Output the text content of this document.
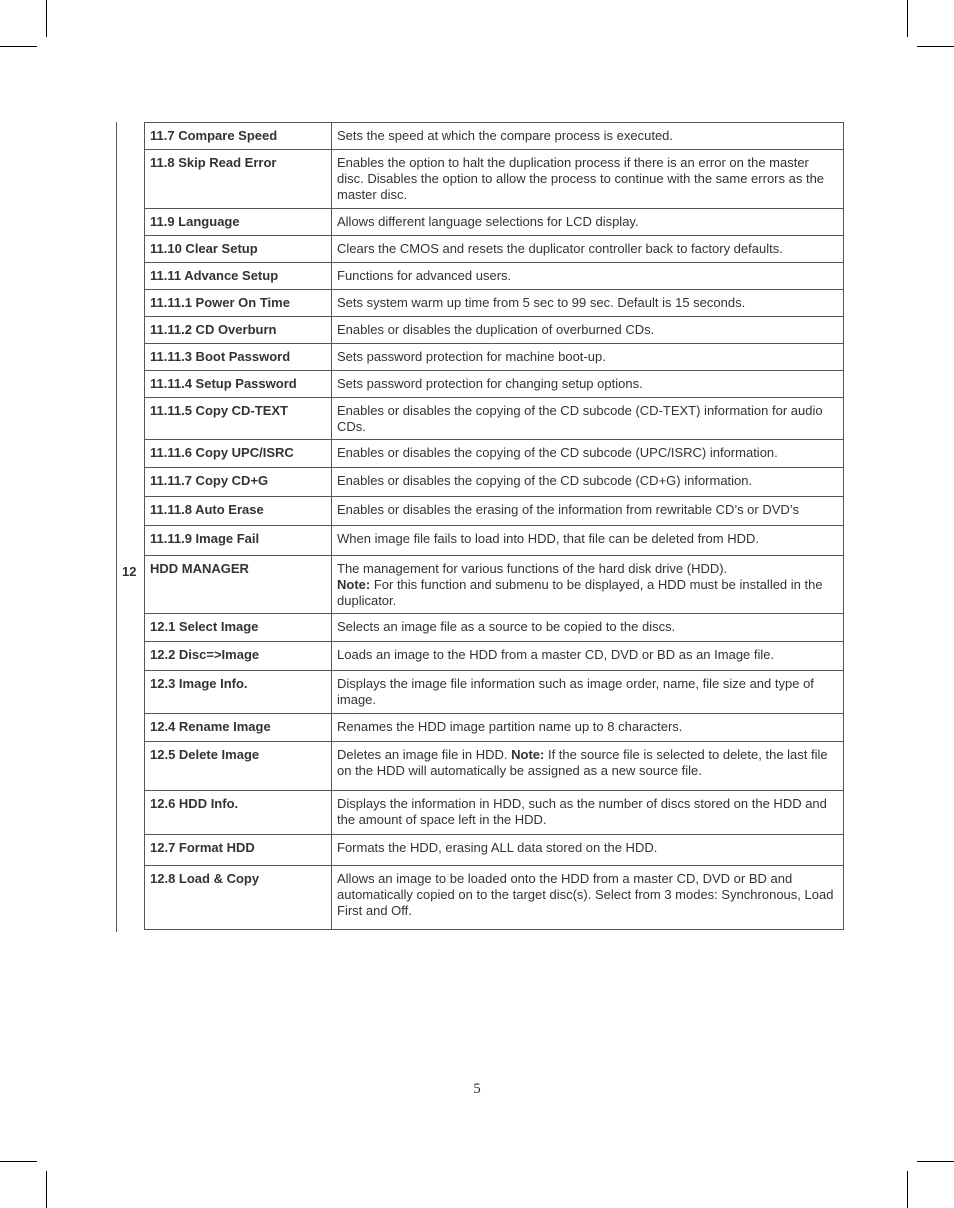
12
11.7 Compare Speed	Sets the speed at which the compare process is executed.
11.8 Skip Read Error	Enables the option to halt the duplication process if there is an error on the master disc. Disables the option to allow the process to continue with the same errors as the master disc.
11.9 Language	Allows different language selections for LCD display.
11.10 Clear Setup	Clears the CMOS and resets the duplicator controller back to factory defaults.
11.11 Advance Setup	Functions for advanced users.
11.11.1 Power On Time	Sets system warm up time from 5 sec to 99 sec. Default is 15 seconds.
11.11.2 CD Overburn	Enables or disables the duplication of overburned CDs.
11.11.3 Boot Password	Sets password protection for machine boot-up.
11.11.4 Setup Password	Sets password protection for changing setup options.
11.11.5 Copy CD-TEXT	Enables or disables the copying of the CD subcode (CD-TEXT) information for audio CDs.
11.11.6 Copy UPC/ISRC	Enables or disables the copying of the CD subcode (UPC/ISRC) information.
11.11.7 Copy CD+G	Enables or disables the copying of the CD subcode (CD+G) information.
11.11.8 Auto Erase	Enables or disables the erasing of the information from rewritable CD’s or DVD’s
11.11.9 Image Fail	When image file fails to load into HDD, that file can be deleted from HDD.
HDD MANAGER	The management for various functions of the hard disk drive (HDD).
Note: For this function and submenu to be displayed, a HDD must be installed in the duplicator.
12.1 Select Image	Selects an image file as a source to be copied to the discs.
12.2 Disc=>Image	Loads an image to the HDD from a master CD, DVD or BD as an Image file.
12.3 Image Info.	Displays the image file information such as image order, name, file size and type of image.
12.4 Rename Image	Renames the HDD image partition name up to 8 characters.
12.5 Delete Image	Deletes an image file in HDD. Note: If the source file is selected to delete, the last file on the HDD will automatically be assigned as a new source file.
12.6 HDD Info.	Displays the information in HDD, such as the number of discs stored on the HDD and the amount of space left in the HDD.
12.7 Format HDD	Formats the HDD, erasing ALL data stored on the HDD.
12.8 Load & Copy	Allows an image to be loaded onto the HDD from a master CD, DVD or BD and automatically copied on to the target disc(s). Select from 3 modes: Synchronous, Load First and Off.
5
